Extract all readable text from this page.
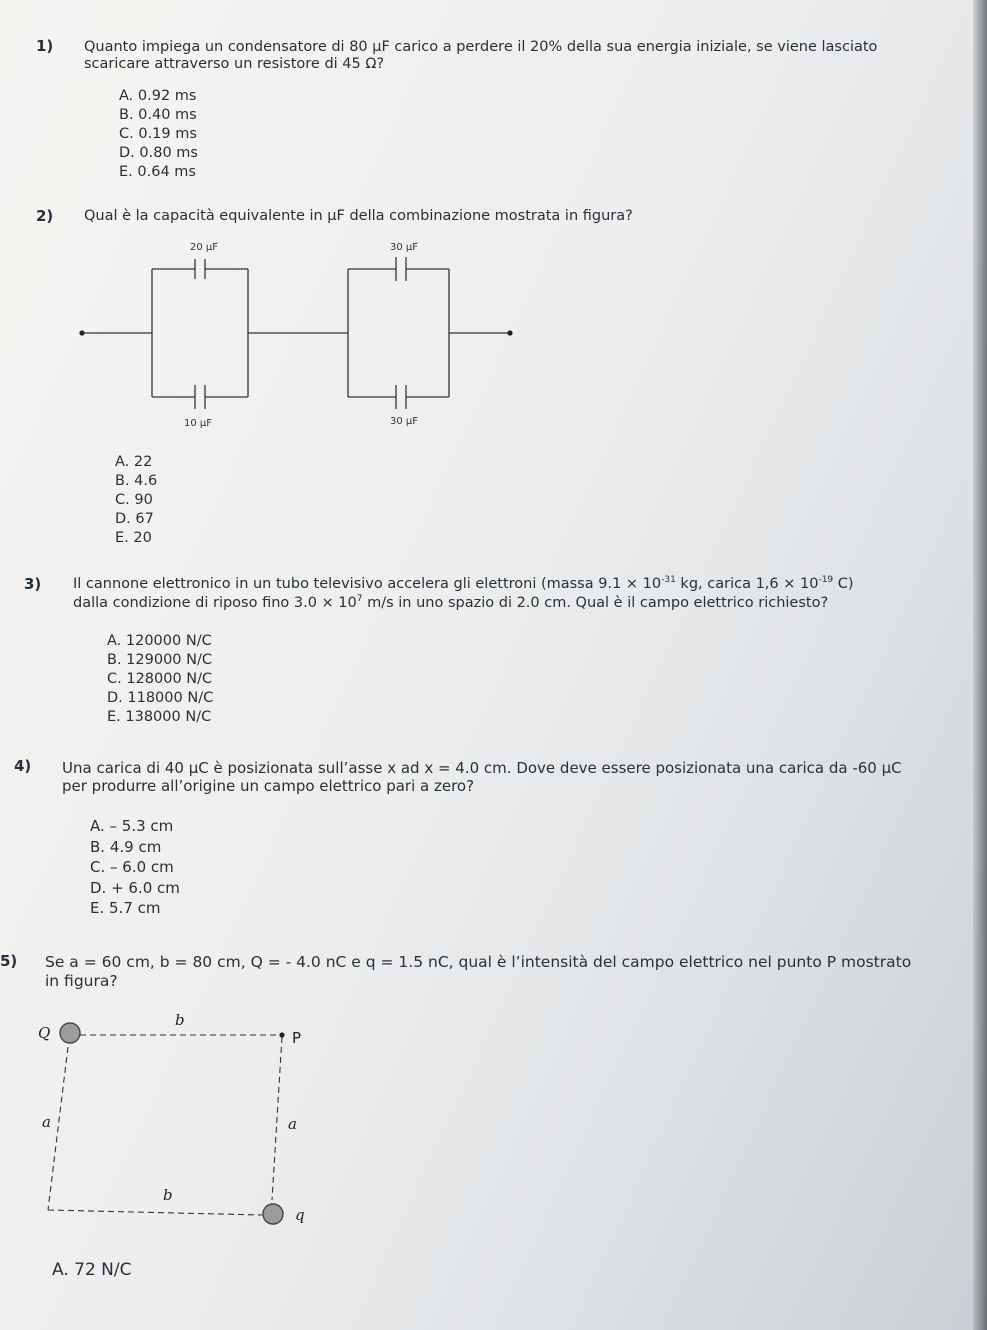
1) Quanto impiega un condensatore di 80 μF carico a perdere il 20% della sua energia iniziale, se viene lasciato
scaricare attraverso un resistore di 45 Ω?
A. 0.92 ms
B. 0.40 ms
C. 0.19 ms
D. 0.80 ms
E. 0.64 ms
2) Qual è la capacità equivalente in μF della combinazione mostrata in figura?
20 μF
10 μF
30 μF
30 μF
A. 22
B. 4.6
C. 90
D. 67
E. 20
3) Il cannone elettronico in un tubo televisivo accelera gli elettroni (massa $9.1 \times 10^{-31}$ kg, carica $1,6 \times 10^{-19}$ C)
dalla condizione di riposo fino $3.0 \times 10^7$ m/s in uno spazio di 2.0 cm. Qual è il campo elettrico richiesto?
A. 120000 N/C
B. 129000 N/C
C. 128000 N/C
D. 118000 N/C
E. 138000 N/C
4) Una carica di 40 μC è posizionata sull’asse x ad x = 4.0 cm. Dove deve essere posizionata una carica da -60 μC
per produrre all’origine un campo elettrico pari a zero?
A. – 5.3 cm
B. 4.9 cm
C. – 6.0 cm
D. + 6.0 cm
E. 5.7 cm
5) Se a = 60 cm, b = 80 cm, Q = - 4.0 nC e q = 1.5 nC, qual è l’intensità del campo elettrico nel punto P mostrato
in figura?
Q	P
q
b
b
a	a
A. 72 N/C
